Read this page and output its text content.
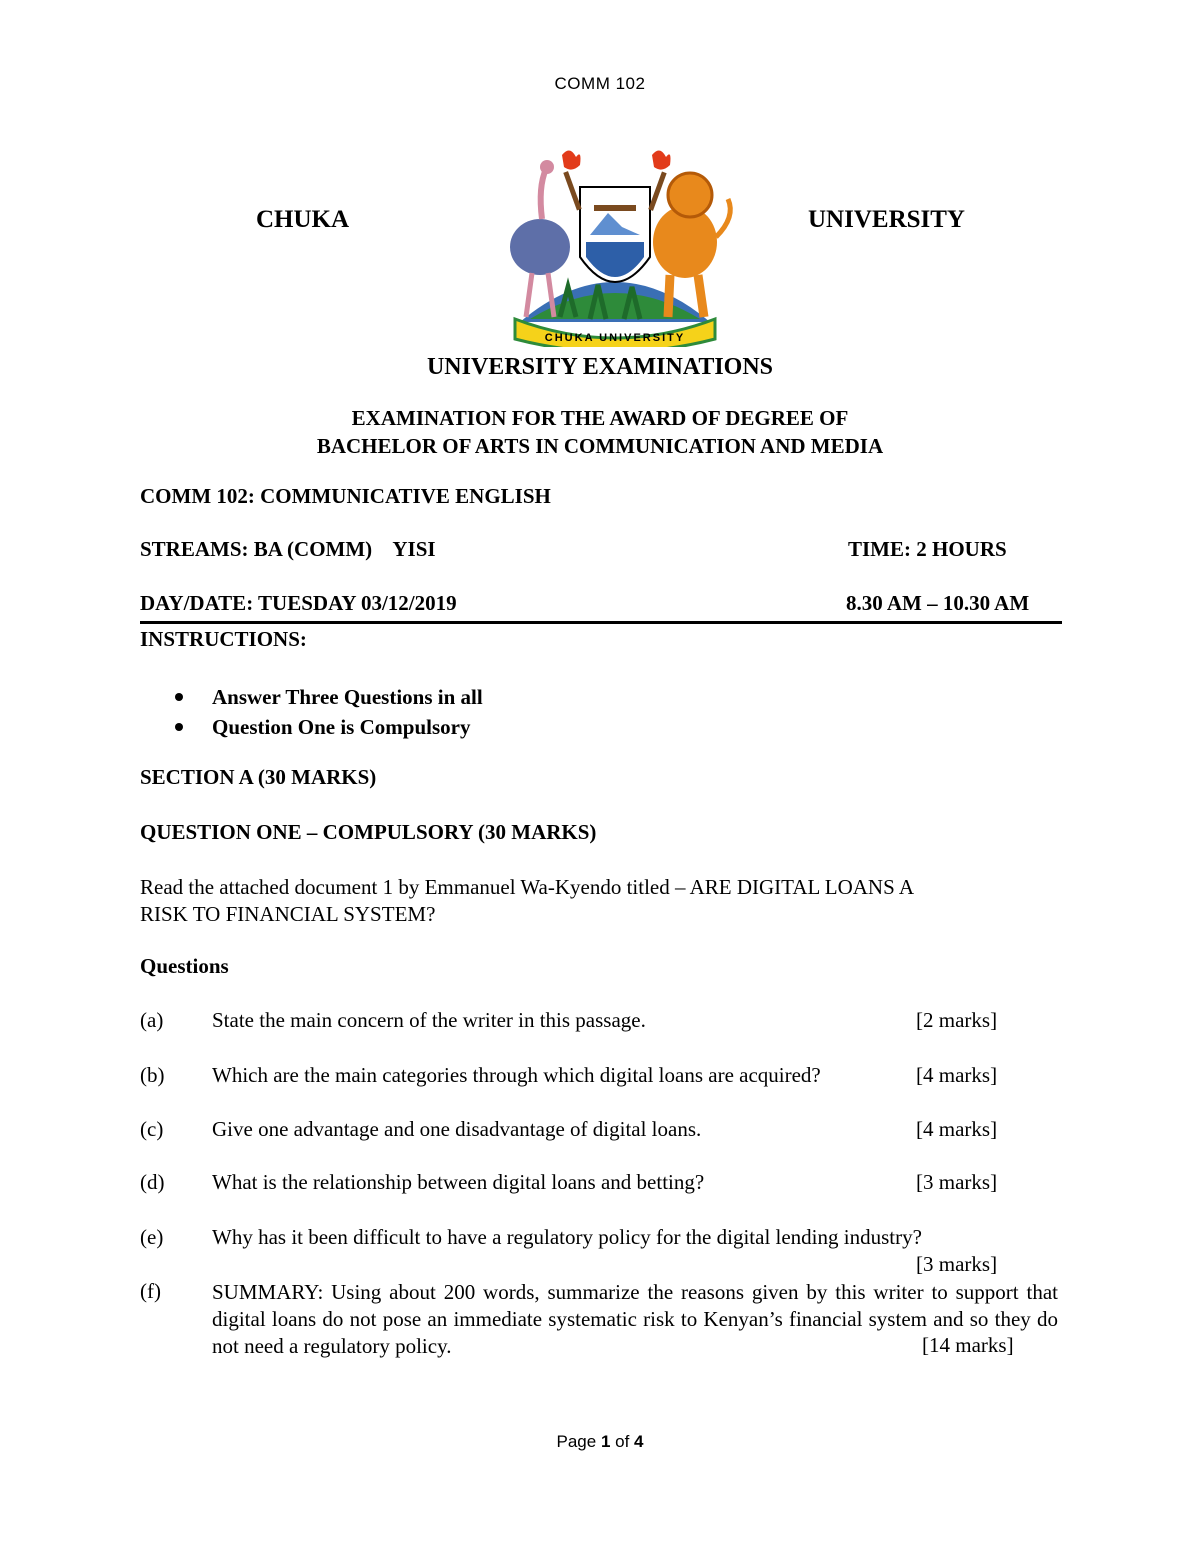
COMM 102
CHUKA	UNIVERSITY
CHUKA UNIVERSITY
UNIVERSITY EXAMINATIONS
EXAMINATION FOR THE AWARD OF DEGREE OF
BACHELOR OF ARTS IN COMMUNICATION AND MEDIA
COMM 102: COMMUNICATIVE ENGLISH
STREAMS: BA (COMM)    YISI	TIME: 2 HOURS
DAY/DATE: TUESDAY 03/12/2019	8.30 AM – 10.30 AM
INSTRUCTIONS:
Answer Three Questions in all
Question One is Compulsory
SECTION A (30 MARKS)
QUESTION ONE – COMPULSORY (30 MARKS)
Read the attached document 1 by Emmanuel Wa-Kyendo titled – ARE DIGITAL LOANS A
RISK TO FINANCIAL SYSTEM?
Questions
(a) State the main concern of the writer in this passage.	[2 marks]
(b) Which are the main categories through which digital loans are acquired?	[4 marks]
(c) Give one advantage and one disadvantage of digital loans.	[4 marks]
(d) What is the relationship between digital loans and betting?	[3 marks]
(e) Why has it been difficult to have a regulatory policy for the digital lending industry?
[3 marks]
(f) SUMMARY: Using about 200 words, summarize the reasons given by this writer to support that digital loans do not pose an immediate systematic risk to Kenyan’s financial system and so they do not need a regulatory policy.	[14 marks]
Page 1 of 4
